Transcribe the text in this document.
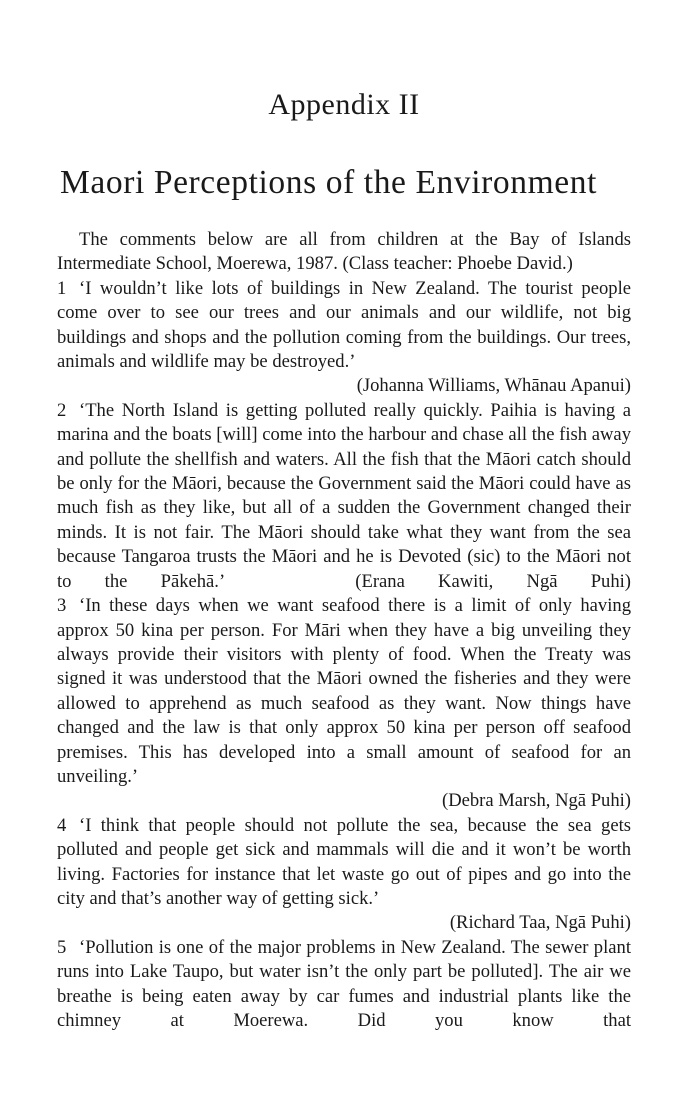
Appendix II
Maori Perceptions of the Environment

The comments below are all from children at the Bay of Islands Intermediate School, Moerewa, 1987. (Class teacher: Phoebe David.)

1 ‘I wouldn’t like lots of buildings in New Zealand. The tourist people come over to see our trees and our animals and our wildlife, not big buildings and shops and the pollution coming from the buildings. Our trees, animals and wildlife may be destroyed.’

(Johanna Williams, Whānau Apanui)

2 ‘The North Island is getting polluted really quickly. Paihia is having a marina and the boats [will] come into the harbour and chase all the fish away and pollute the shellfish and waters. All the fish that the Māori catch should be only for the Māori, because the Government said the Māori could have as much fish as they like, but all of a sudden the Government changed their minds. It is not fair. The Māori should take what they want from the sea because Tangaroa trusts the Māori and he is Devoted (sic) to the Māori not to the Pākehā.’       	(Erana Kawiti, Ngā Puhi)

3 ‘In these days when we want seafood there is a limit of only having approx 50 kina per person. For Māri when they have a big unveiling they always provide their visitors with plenty of food. When the Treaty was signed it was understood that the Māori owned the fisheries and they were allowed to apprehend as much seafood as they want. Now things have changed and the law is that only approx 50 kina per person off seafood premises. This has developed into a small amount of seafood for an unveiling.’

(Debra Marsh, Ngā Puhi)

4 ‘I think that people should not pollute the sea, because the sea gets polluted and people get sick and mammals will die and it won’t be worth living. Factories for instance that let waste go out of pipes and go into the city and that’s another way of getting sick.’

(Richard Taa, Ngā Puhi)

5 ‘Pollution is one of the major problems in New Zealand. The sewer plant runs into Lake Taupo, but water isn’t the only part be polluted]. The air we breathe is being eaten away by car fumes and industrial plants like the chimney at Moerewa. Did you know that
